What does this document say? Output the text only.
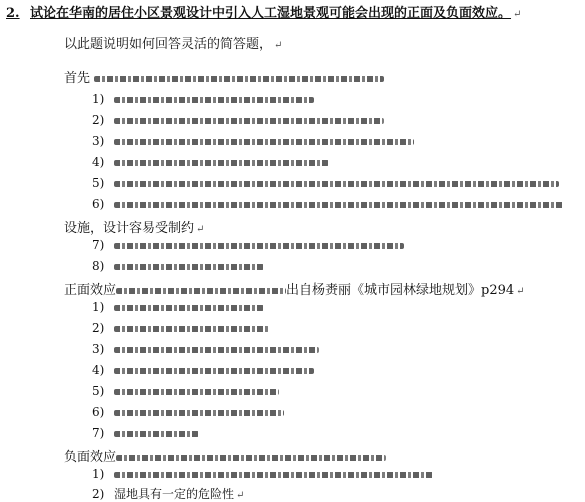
2. 试论在华南的居住小区景观设计中引入人工湿地景观可能会出现的正面及负面效应。 ↵
以此题说明如何回答灵活的简答题， ↵
首先
1)
2)
3)
4)
5)
6)
设施，设计容易受制约 ↵
7)
8)
正面效应	出自杨赉丽《城市园林绿地规划》p294 ↵
1)
2)
3)
4)
5)
6)
7)
负面效应
1)
2) 湿地具有一定的危险性 ↵
